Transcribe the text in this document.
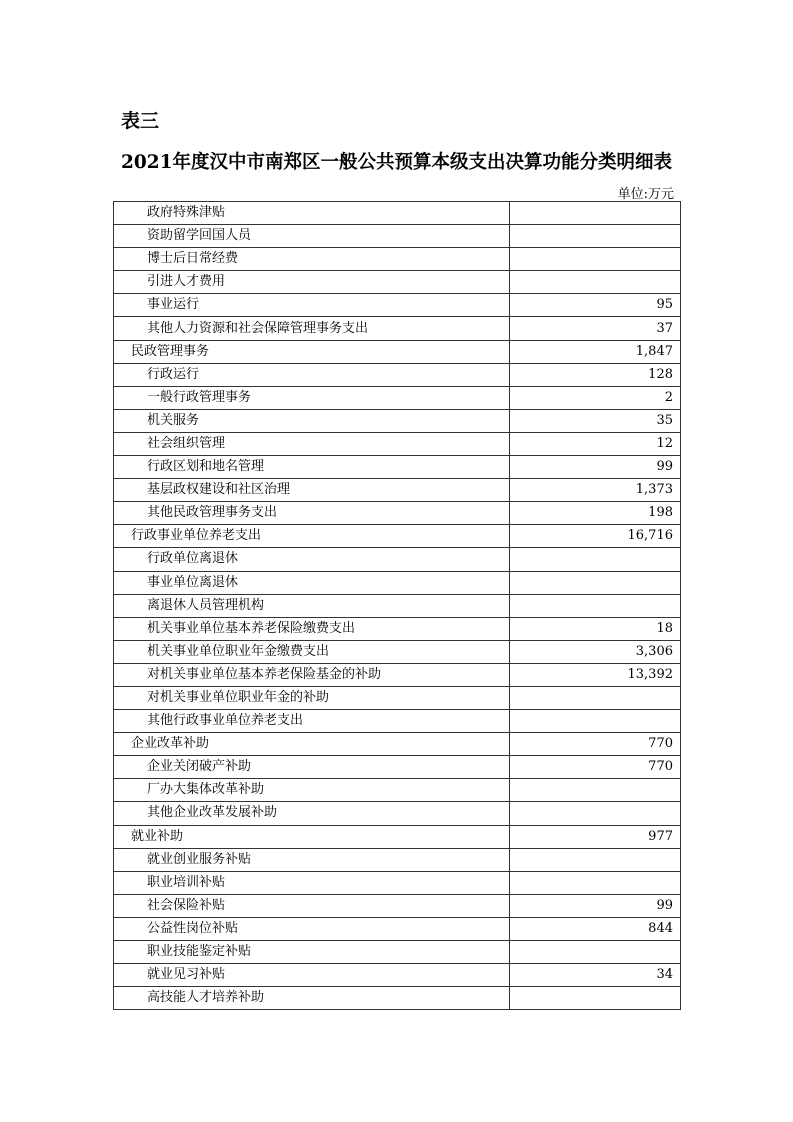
表三
2021年度汉中市南郑区一般公共预算本级支出决算功能分类明细表
单位:万元
政府特殊津贴	
资助留学回国人员	
博士后日常经费	
引进人才费用	
事业运行	95
其他人力资源和社会保障管理事务支出	37
民政管理事务	1,847
行政运行	128
一般行政管理事务	2
机关服务	35
社会组织管理	12
行政区划和地名管理	99
基层政权建设和社区治理	1,373
其他民政管理事务支出	198
行政事业单位养老支出	16,716
行政单位离退休	
事业单位离退休	
离退休人员管理机构	
机关事业单位基本养老保险缴费支出	18
机关事业单位职业年金缴费支出	3,306
对机关事业单位基本养老保险基金的补助	13,392
对机关事业单位职业年金的补助	
其他行政事业单位养老支出	
企业改革补助	770
企业关闭破产补助	770
厂办大集体改革补助	
其他企业改革发展补助	
就业补助	977
就业创业服务补贴	
职业培训补贴	
社会保险补贴	99
公益性岗位补贴	844
职业技能鉴定补贴	
就业见习补贴	34
高技能人才培养补助	
